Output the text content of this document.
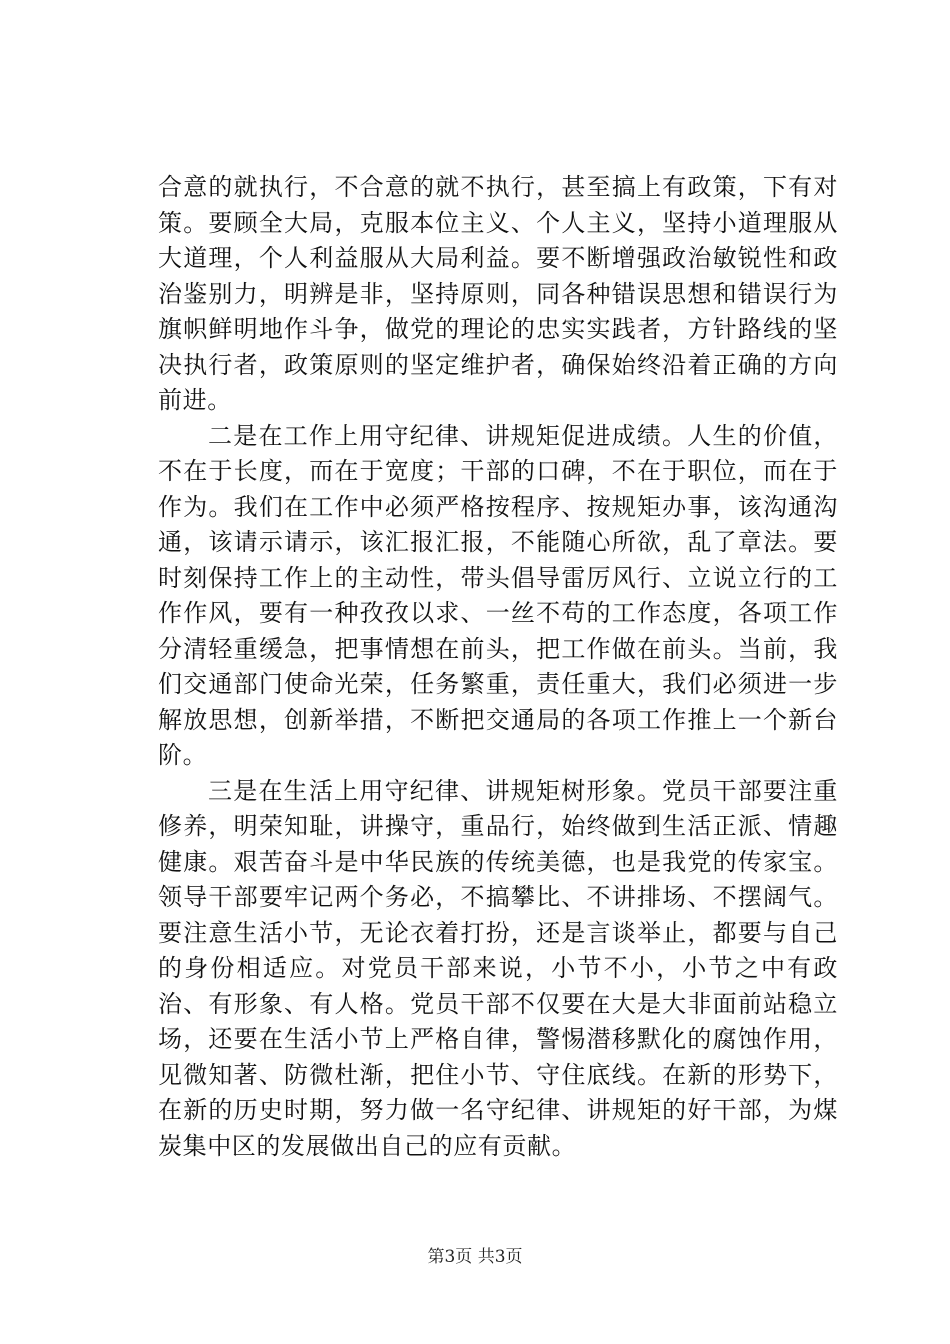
合意的就执行，不合意的就不执行，甚至搞上有政策，下有对策。要顾全大局，克服本位主义、个人主义，坚持小道理服从大道理，个人利益服从大局利益。要不断增强政治敏锐性和政治鉴别力，明辨是非，坚持原则，同各种错误思想和错误行为旗帜鲜明地作斗争，做党的理论的忠实实践者，方针路线的坚决执行者，政策原则的坚定维护者，确保始终沿着正确的方向前进。

二是在工作上用守纪律、讲规矩促进成绩。人生的价值，不在于长度，而在于宽度；干部的口碑，不在于职位，而在于作为。我们在工作中必须严格按程序、按规矩办事，该沟通沟通，该请示请示，该汇报汇报，不能随心所欲，乱了章法。要时刻保持工作上的主动性，带头倡导雷厉风行、立说立行的工作作风，要有一种孜孜以求、一丝不苟的工作态度，各项工作分清轻重缓急，把事情想在前头，把工作做在前头。当前，我们交通部门使命光荣，任务繁重，责任重大，我们必须进一步解放思想，创新举措，不断把交通局的各项工作推上一个新台阶。

三是在生活上用守纪律、讲规矩树形象。党员干部要注重修养，明荣知耻，讲操守，重品行，始终做到生活正派、情趣健康。艰苦奋斗是中华民族的传统美德，也是我党的传家宝。领导干部要牢记两个务必，不搞攀比、不讲排场、不摆阔气。要注意生活小节，无论衣着打扮，还是言谈举止，都要与自己的身份相适应。对党员干部来说，小节不小，小节之中有政治、有形象、有人格。党员干部不仅要在大是大非面前站稳立场，还要在生活小节上严格自律，警惕潜移默化的腐蚀作用，见微知著、防微杜渐，把住小节、守住底线。在新的形势下，在新的历史时期，努力做一名守纪律、讲规矩的好干部，为煤炭集中区的发展做出自己的应有贡献。

第3页 共3页
